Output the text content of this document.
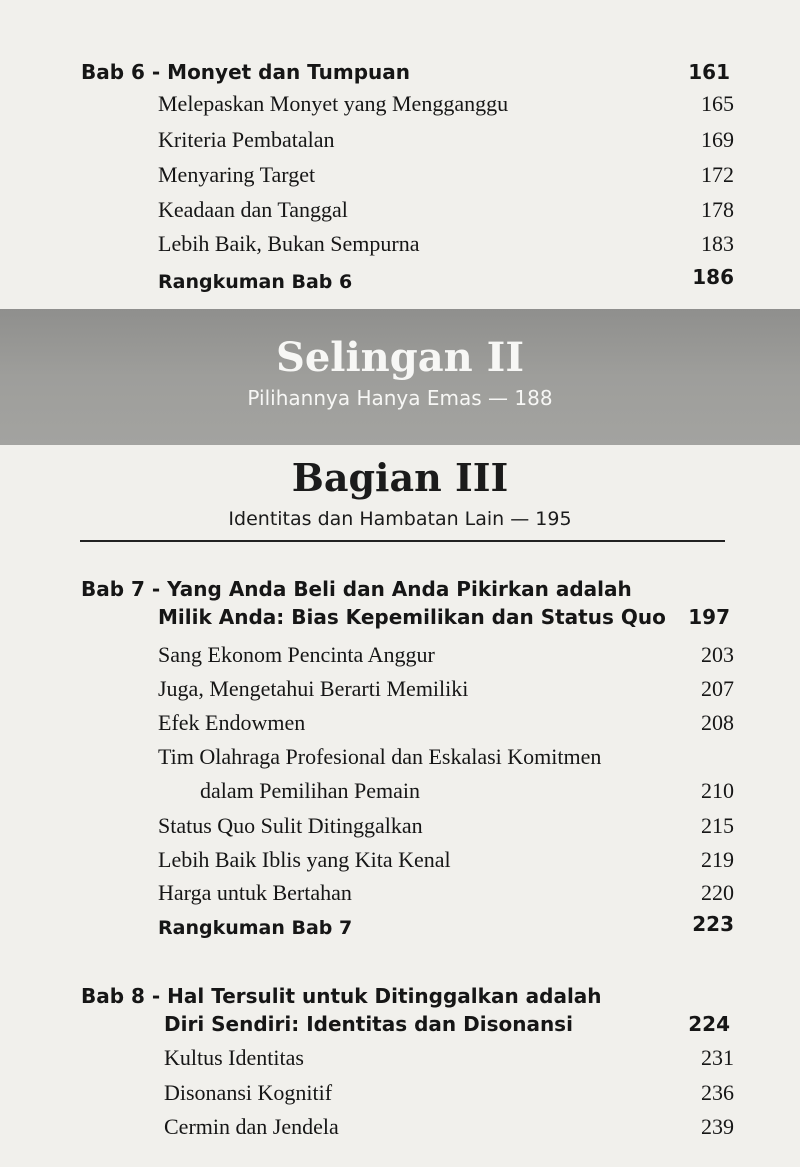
Bab 6 - Monyet dan Tumpuan	161
Melepaskan Monyet yang Mengganggu	165
Kriteria Pembatalan	169
Menyaring Target	172
Keadaan dan Tanggal	178
Lebih Baik, Bukan Sempurna	183
Rangkuman Bab 6	186
Selingan II
Pilihannya Hanya Emas — 188
Bagian III
Identitas dan Hambatan Lain — 195
Bab 7 - Yang Anda Beli dan Anda Pikirkan adalah
Milik Anda: Bias Kepemilikan dan Status Quo 197
Sang Ekonom Pencinta Anggur	203
Juga, Mengetahui Berarti Memiliki	207
Efek Endowmen	208
Tim Olahraga Profesional dan Eskalasi Komitmen
dalam Pemilihan Pemain	210
Status Quo Sulit Ditinggalkan	215
Lebih Baik Iblis yang Kita Kenal	219
Harga untuk Bertahan	220
Rangkuman Bab 7	223
Bab 8 - Hal Tersulit untuk Ditinggalkan adalah
Diri Sendiri: Identitas dan Disonansi	224
Kultus Identitas	231
Disonansi Kognitif	236
Cermin dan Jendela	239
